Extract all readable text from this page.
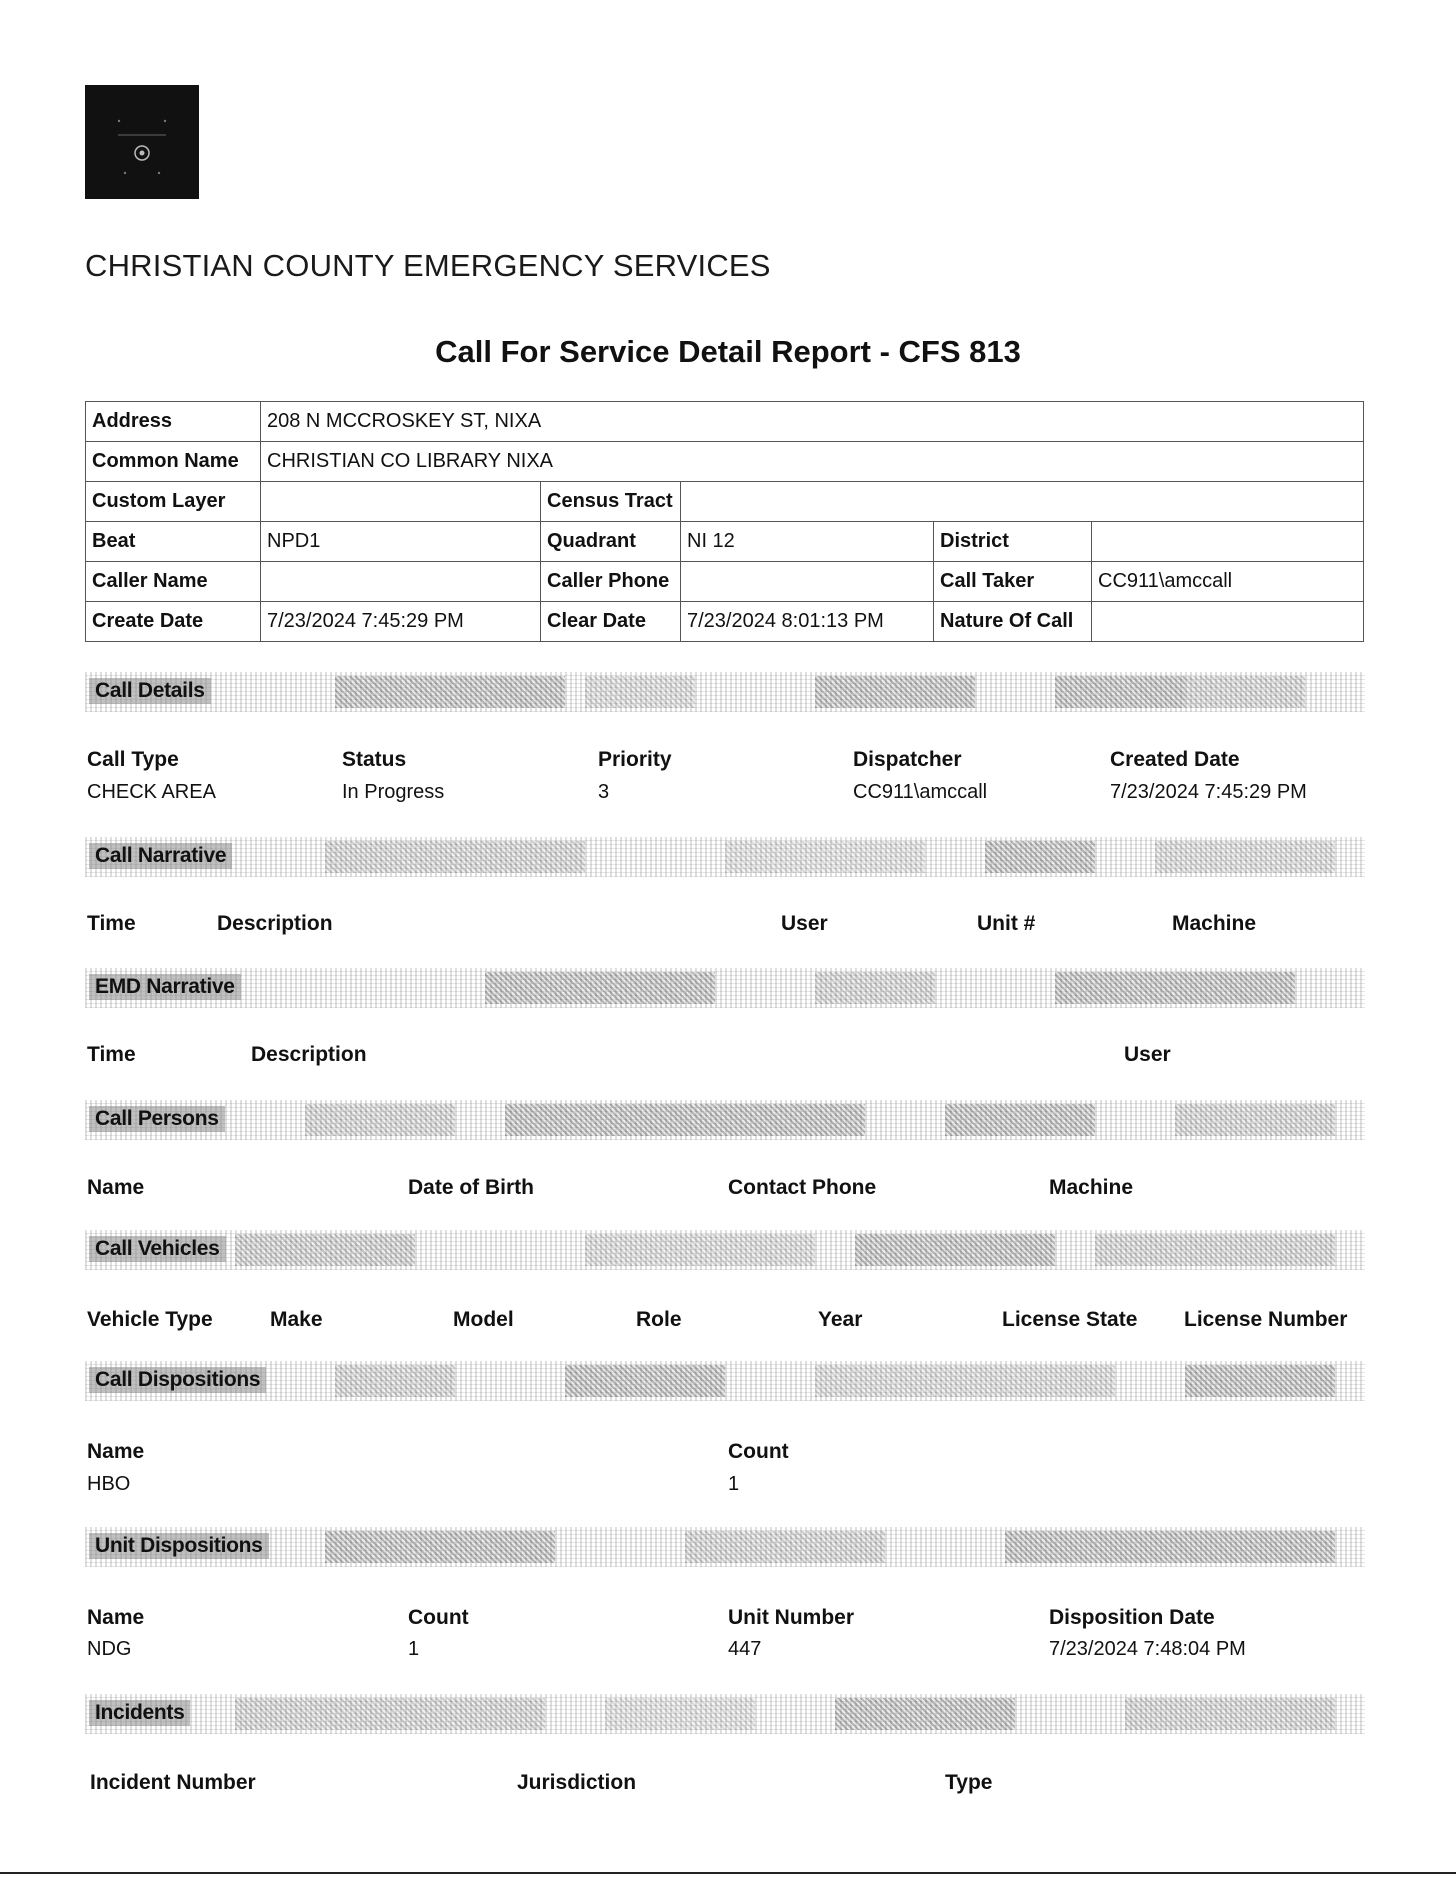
CHRISTIAN COUNTY EMERGENCY SERVICES
Call For Service Detail Report - CFS 813
Address	208 N MCCROSKEY ST, NIXA				
Common Name	CHRISTIAN CO LIBRARY NIXA				
Custom Layer		Census Tract			
Beat	NPD1	Quadrant	NI 12	District	
Caller Name		Caller Phone		Call Taker	CC911\amccall
Create Date	7/23/2024 7:45:29 PM	Clear Date	7/23/2024 8:01:13 PM	Nature Of Call	
Call Details
Call Type	Status	Priority	Dispatcher	Created Date
CHECK AREA	In Progress	3	CC911\amccall	7/23/2024 7:45:29 PM
Call Narrative
Time	Description	User	Unit #	Machine
EMD Narrative
Time	Description	User
Call Persons
Name	Date of Birth	Contact Phone	Machine
Call Vehicles
Vehicle Type	Make	Model	Role	Year	License State License Number
Call Dispositions
Name	Count
HBO	1
Unit Dispositions
Name	Count	Unit Number	Disposition Date
NDG	1	447	7/23/2024 7:48:04 PM
Incidents
Incident Number	Jurisdiction	Type
